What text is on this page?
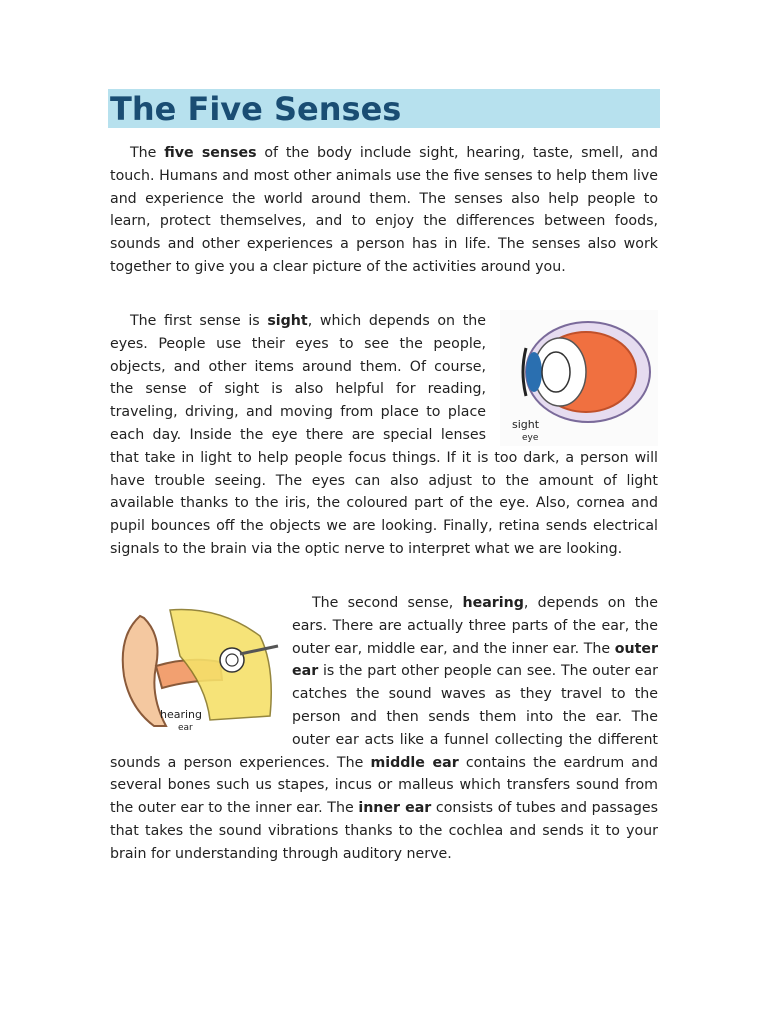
The Five Senses

The five senses of the body include sight, hearing, taste, smell, and touch. Humans and most other animals use the five senses to help them live and experience the world around them. The senses also help people to learn, protect themselves, and to enjoy the differences between foods, sounds and other experiences a person has in life. The senses also work together to give you a clear picture of the activities around you.

sight
eye
The first sense is sight, which depends on the eyes. People use their eyes to see the people, objects, and other items around them. Of course, the sense of sight is also helpful for reading, traveling, driving, and moving from place to place each day. Inside the eye there are special lenses that take in light to help people focus things. If it is too dark, a person will have trouble seeing. The eyes can also adjust to the amount of light available thanks to the iris, the coloured part of the eye. Also, cornea and pupil bounces off the objects we are looking. Finally, retina sends electrical signals to the brain via the optic nerve to interpret what we are looking.

hearing
ear
The second sense, hearing, depends on the ears. There are actually three parts of the ear, the outer ear, middle ear, and the inner ear. The outer ear is the part other people can see. The outer ear catches the sound waves as they travel to the person and then sends them into the ear. The outer ear acts like a funnel collecting the different sounds a person experiences. The middle ear contains the eardrum and several bones such us stapes, incus or malleus which transfers sound from the outer ear to the inner ear. The inner ear consists of tubes and passages that takes the sound vibrations thanks to the cochlea and sends it to your brain for understanding through auditory nerve.
